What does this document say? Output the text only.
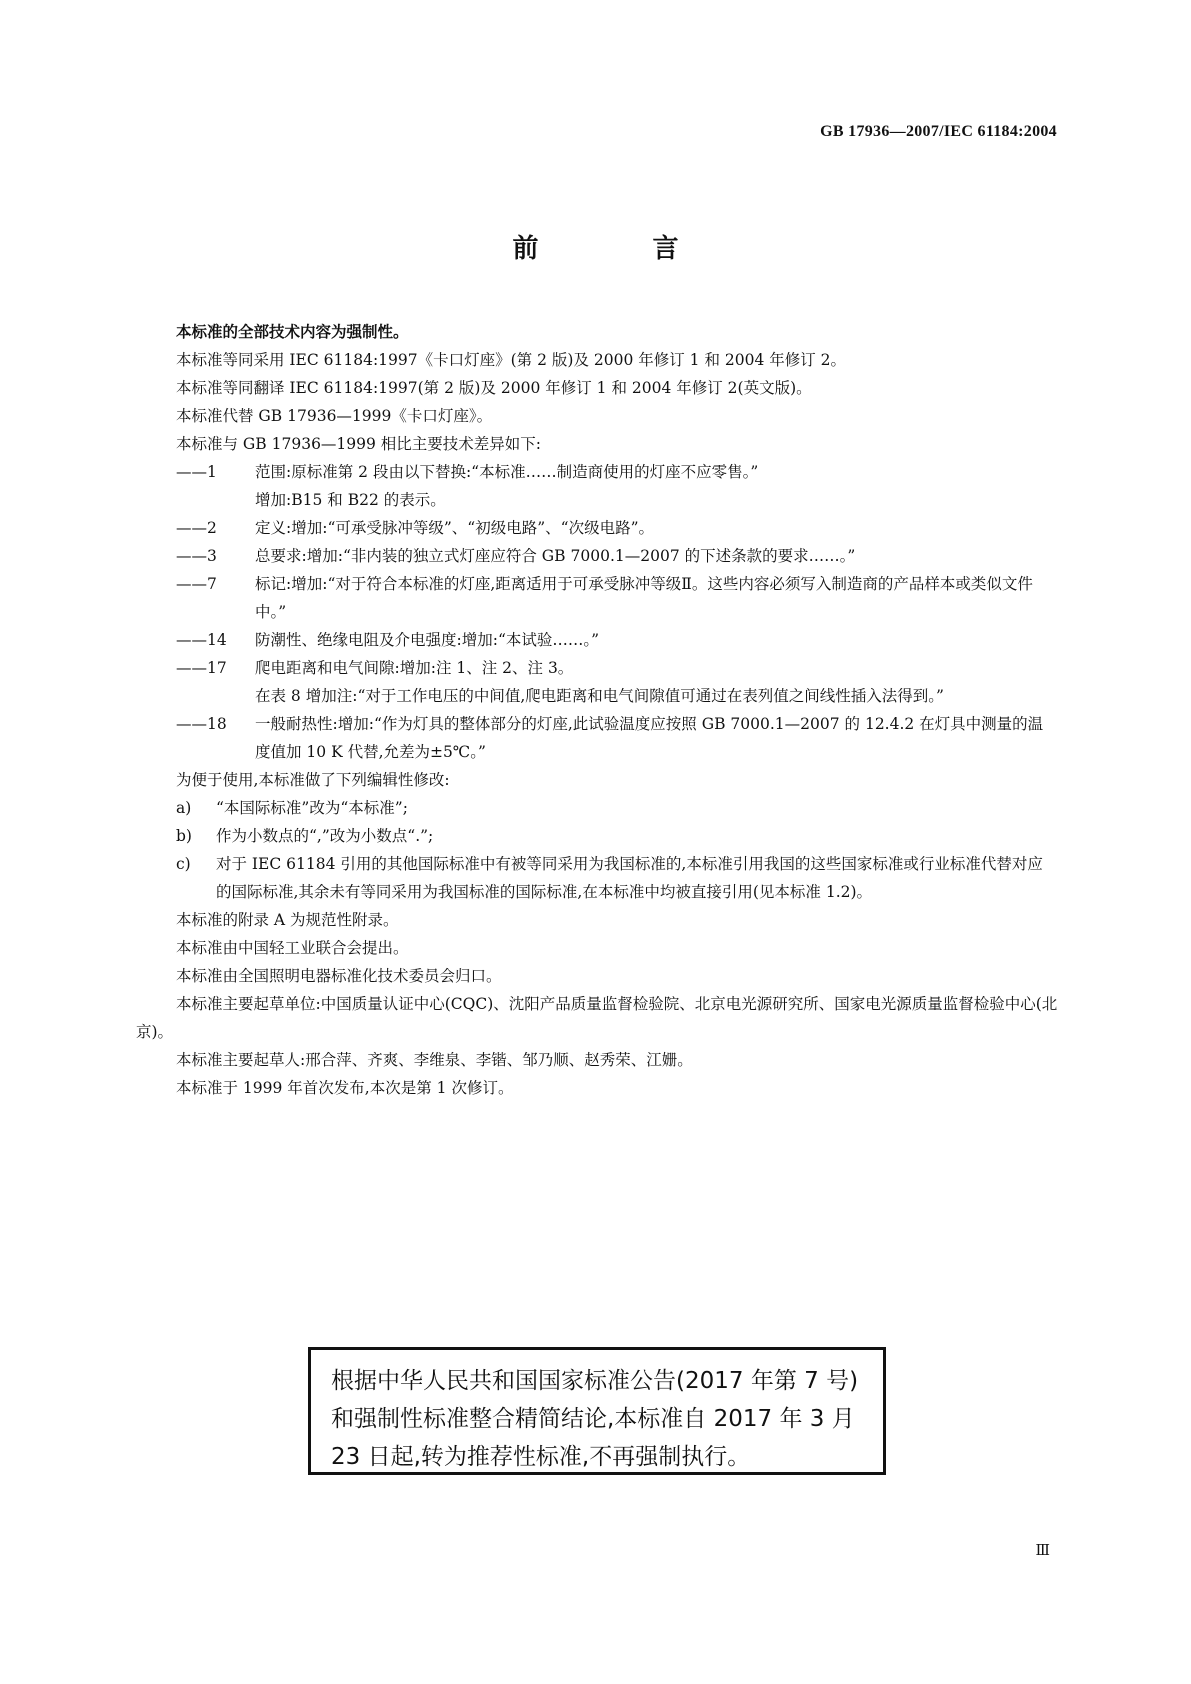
GB 17936—2007/IEC 61184:2004
前　言

本标准的全部技术内容为强制性。

本标准等同采用 IEC 61184:1997《卡口灯座》(第 2 版)及 2000 年修订 1 和 2004 年修订 2。

本标准等同翻译 IEC 61184:1997(第 2 版)及 2000 年修订 1 和 2004 年修订 2(英文版)。

本标准代替 GB 17936—1999《卡口灯座》。

本标准与 GB 17936—1999 相比主要技术差异如下:

——1 范围:原标准第 2 段由以下替换:“本标准……制造商使用的灯座不应零售。”

增加:B15 和 B22 的表示。

——2 定义:增加:“可承受脉冲等级”、“初级电路”、“次级电路”。

——3 总要求:增加:“非内装的独立式灯座应符合 GB 7000.1—2007 的下述条款的要求……。”

——7 标记:增加:“对于符合本标准的灯座,距离适用于可承受脉冲等级Ⅱ。这些内容必须写入制造商的产品样本或类似文件中。”

——14 防潮性、绝缘电阻及介电强度:增加:“本试验……。”

——17 爬电距离和电气间隙:增加:注 1、注 2、注 3。

在表 8 增加注:“对于工作电压的中间值,爬电距离和电气间隙值可通过在表列值之间线性插入法得到。”

——18 一般耐热性:增加:“作为灯具的整体部分的灯座,此试验温度应按照 GB 7000.1—2007 的 12.4.2 在灯具中测量的温度值加 10 K 代替,允差为±5℃。”

为便于使用,本标准做了下列编辑性修改:

a) “本国际标准”改为“本标准”;

b) 作为小数点的“,”改为小数点“.”;

c) 对于 IEC 61184 引用的其他国际标准中有被等同采用为我国标准的,本标准引用我国的这些国家标准或行业标准代替对应的国际标准,其余未有等同采用为我国标准的国际标准,在本标准中均被直接引用(见本标准 1.2)。

本标准的附录 A 为规范性附录。

本标准由中国轻工业联合会提出。

本标准由全国照明电器标准化技术委员会归口。

本标准主要起草单位:中国质量认证中心(CQC)、沈阳产品质量监督检验院、北京电光源研究所、国家电光源质量监督检验中心(北京)。

本标准主要起草人:邢合萍、齐爽、李维泉、李锴、邹乃顺、赵秀荣、江姗。

本标准于 1999 年首次发布,本次是第 1 次修订。

根据中华人民共和国国家标准公告(2017 年第 7 号)和强制性标准整合精简结论,本标准自 2017 年 3 月 23 日起,转为推荐性标准,不再强制执行。
Ⅲ
